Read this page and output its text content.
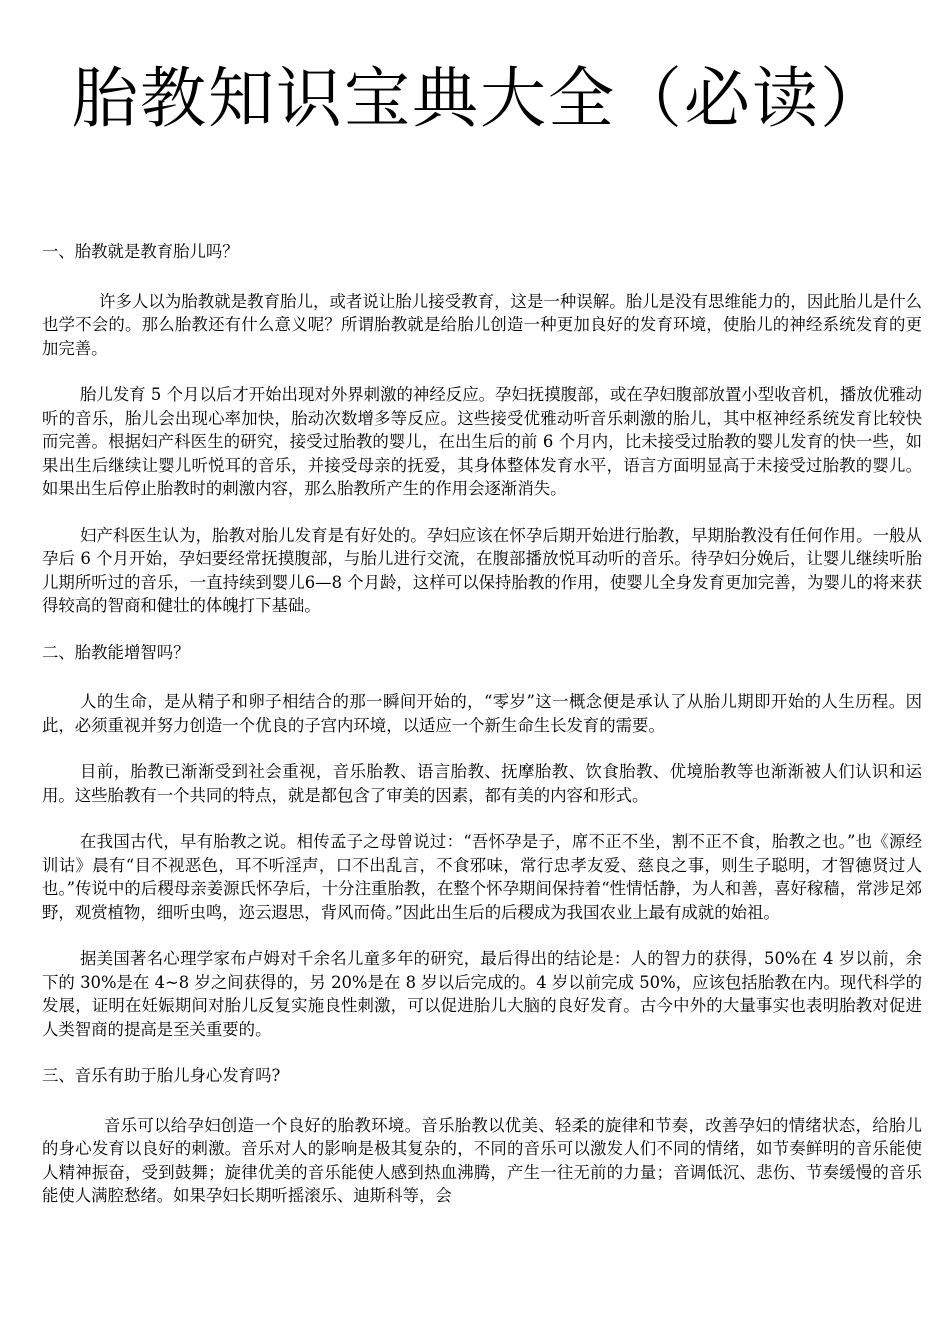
胎教知识宝典大全（必读）

一、胎教就是教育胎儿吗？

许多人以为胎教就是教育胎儿，或者说让胎儿接受教育，这是一种误解。胎儿是没有思维能力的，因此胎儿是什么也学不会的。那么胎教还有什么意义呢？所谓胎教就是给胎儿创造一种更加良好的发育环境，使胎儿的神经系统发育的更加完善。

胎儿发育 5 个月以后才开始出现对外界刺激的神经反应。孕妇抚摸腹部，或在孕妇腹部放置小型收音机，播放优雅动听的音乐，胎儿会出现心率加快，胎动次数增多等反应。这些接受优雅动听音乐刺激的胎儿，其中枢神经系统发育比较快而完善。根据妇产科医生的研究，接受过胎教的婴儿，在出生后的前 6 个月内，比未接受过胎教的婴儿发育的快一些，如果出生后继续让婴儿听悦耳的音乐，并接受母亲的抚爱，其身体整体发育水平，语言方面明显高于未接受过胎教的婴儿。如果出生后停止胎教时的刺激内容，那么胎教所产生的作用会逐渐消失。

妇产科医生认为，胎教对胎儿发育是有好处的。孕妇应该在怀孕后期开始进行胎教，早期胎教没有任何作用。一般从孕后 6 个月开始，孕妇要经常抚摸腹部，与胎儿进行交流，在腹部播放悦耳动听的音乐。待孕妇分娩后，让婴儿继续听胎儿期所听过的音乐，一直持续到婴儿6—8 个月龄，这样可以保持胎教的作用，使婴儿全身发育更加完善，为婴儿的将来获得较高的智商和健壮的体魄打下基础。

二、胎教能增智吗？

人的生命，是从精子和卵子相结合的那一瞬间开始的，“零岁”这一概念便是承认了从胎儿期即开始的人生历程。因此，必须重视并努力创造一个优良的子宫内环境，以适应一个新生命生长发育的需要。

目前，胎教已渐渐受到社会重视，音乐胎教、语言胎教、抚摩胎教、饮食胎教、优境胎教等也渐渐被人们认识和运用。这些胎教有一个共同的特点，就是都包含了审美的因素，都有美的内容和形式。

在我国古代，早有胎教之说。相传孟子之母曾说过：“吾怀孕是子，席不正不坐，割不正不食，胎教之也。”也《源经训诂》晨有“目不视恶色，耳不听淫声，口不出乱言，不食邪味，常行忠孝友爱、慈良之事，则生子聪明，才智德贤过人也。”传说中的后稷母亲姜源氏怀孕后，十分注重胎教，在整个怀孕期间保持着“性情恬静，为人和善，喜好稼穑，常涉足郊野，观赏植物，细听虫鸣，迩云遐思，背风而倚。”因此出生后的后稷成为我国农业上最有成就的始祖。

据美国著名心理学家布卢姆对千余名儿童多年的研究，最后得出的结论是：人的智力的获得，50%在 4 岁以前，余下的 30%是在 4~8 岁之间获得的，另 20%是在 8 岁以后完成的。4 岁以前完成 50%，应该包括胎教在内。现代科学的发展，证明在妊娠期间对胎儿反复实施良性刺激，可以促进胎儿大脑的良好发育。古今中外的大量事实也表明胎教对促进人类智商的提高是至关重要的。

三、音乐有助于胎儿身心发育吗?

音乐可以给孕妇创造一个良好的胎教环境。音乐胎教以优美、轻柔的旋律和节奏，改善孕妇的情绪状态，给胎儿的身心发育以良好的刺激。音乐对人的影响是极其复杂的，不同的音乐可以激发人们不同的情绪，如节奏鲜明的音乐能使人精神振奋，受到鼓舞；旋律优美的音乐能使人感到热血沸腾，产生一往无前的力量；音调低沉、悲伤、节奏缓慢的音乐能使人满腔愁绪。如果孕妇长期听摇滚乐、迪斯科等，会
